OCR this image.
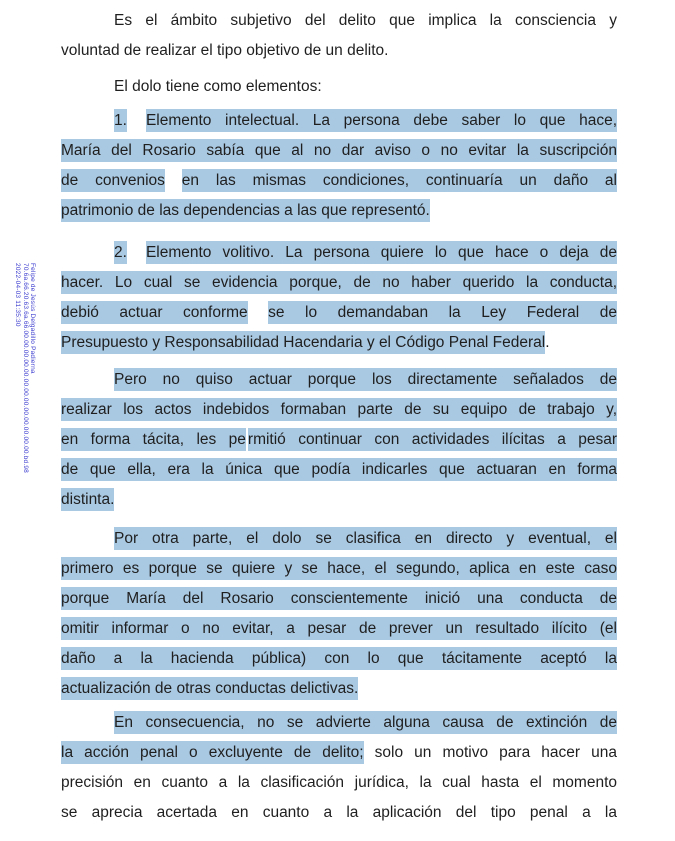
Felipe de Jesús Delgadillo Padierna
70.6a.66.20.63.6a.66.00.00.00.00.00.00.00.00.00.00.00.00.00.bd.98
2022-04-03 11:35:30
Es el ámbito subjetivo del delito que implica la consciencia y
voluntad de realizar el tipo objetivo de un delito.
El dolo tiene como elementos:
1. Elemento intelectual. La persona debe saber lo que hace,
María del Rosario sabía que al no dar aviso o no evitar la suscripción
de convenios en las mismas condiciones, continuaría un daño al
patrimonio de las dependencias a las que representó.
2. Elemento volitivo. La persona quiere lo que hace o deja de
hacer. Lo cual se evidencia porque, de no haber querido la conducta,
debió actuar conforme se lo demandaban la Ley Federal de
Presupuesto y Responsabilidad Hacendaria y el Código Penal Federal.
Pero no quiso actuar porque los directamente señalados de
realizar los actos indebidos formaban parte de su equipo de trabajo y,
en forma tácita, les pe rmitió continuar con actividades ilícitas a pesar
de que ella, era la única que podía indicarles que actuaran en forma
distinta.
Por otra parte, el dolo se clasifica en directo y eventual, el
primero es porque se quiere y se hace, el segundo, aplica en este caso
porque María del Rosario conscientemente inició una conducta de
omitir informar o no evitar, a pesar de prever un resultado ilícito (el
daño a la hacienda pública) con lo que tácitamente aceptó la
actualización de otras conductas delictivas.
En consecuencia, no se advierte alguna causa de extinción de
la acción penal o excluyente de delito; solo un motivo para hacer una
precisión en cuanto a la clasificación jurídica, la cual hasta el momento
se aprecia acertada en cuanto a la aplicación del tipo penal a la
